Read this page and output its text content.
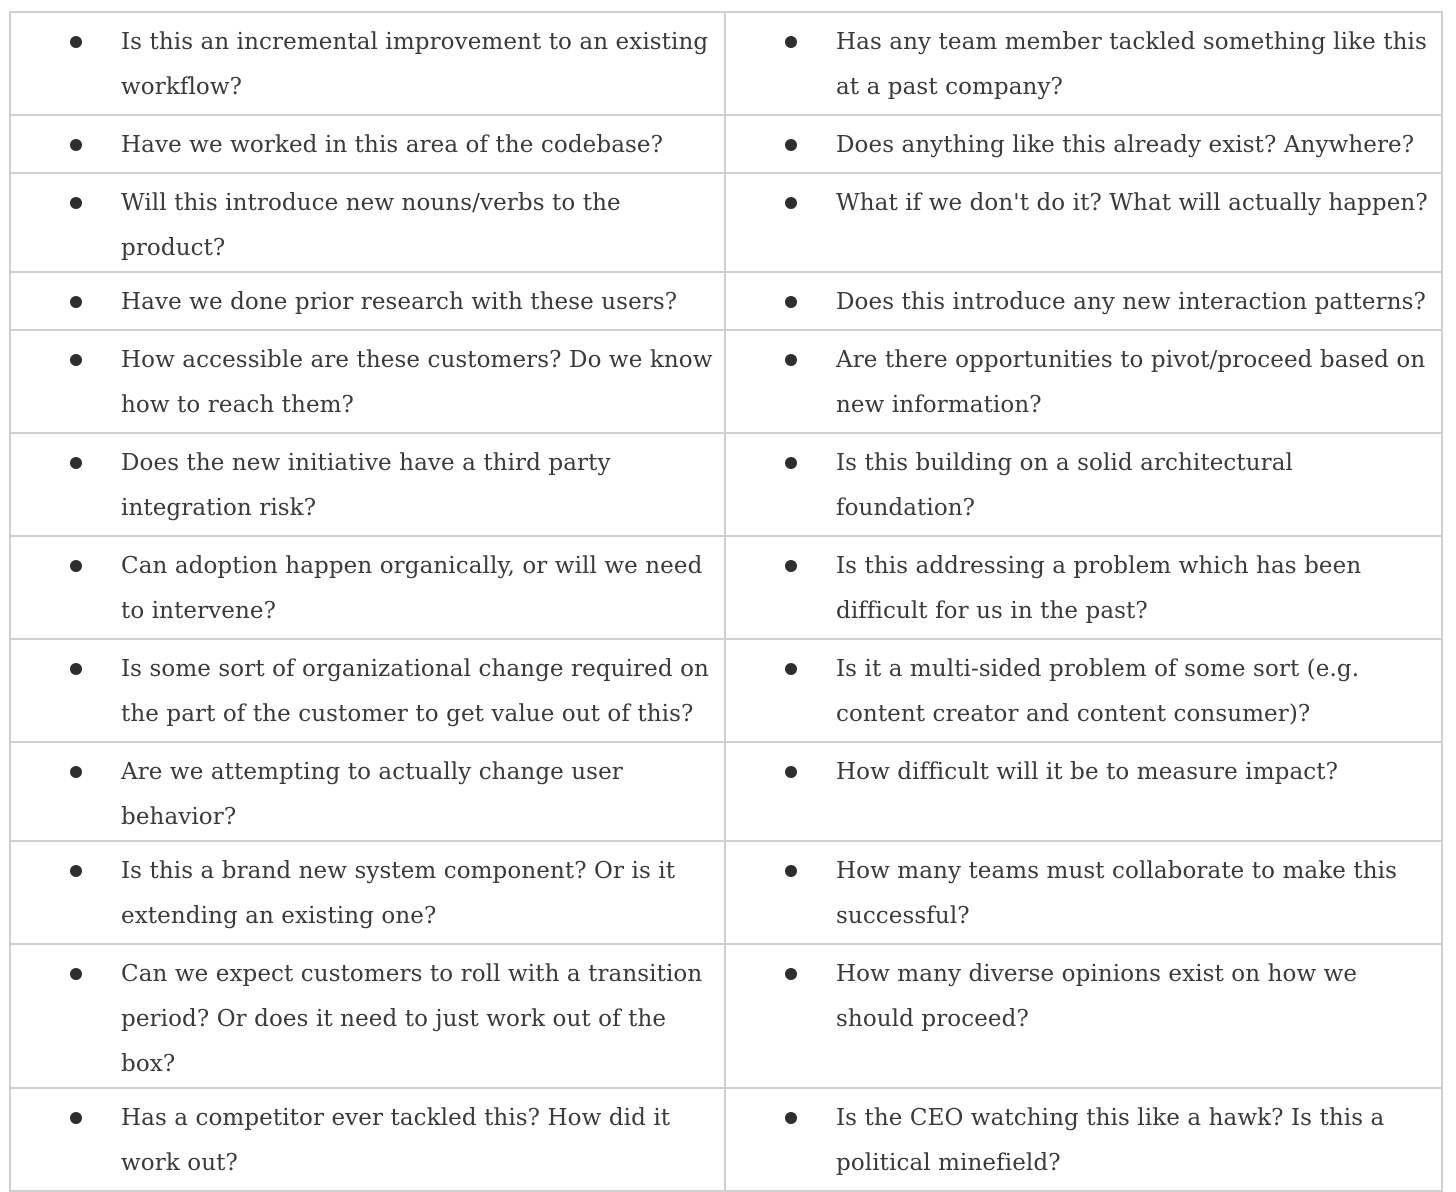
Is this an incremental improvement to an existing workflow?	Has any team member tackled something like this at a past company?

Have we worked in this area of the codebase?	Does anything like this already exist? Anywhere?

Will this introduce new nouns/verbs to the product?	What if we don't do it? What will actually happen?

Have we done prior research with these users?	Does this introduce any new interaction patterns?

How accessible are these customers? Do we know how to reach them?	Are there opportunities to pivot/proceed based on new information?

Does the new initiative have a third party integration risk?	Is this building on a solid architectural foundation?

Can adoption happen organically, or will we need to intervene?	Is this addressing a problem which has been difficult for us in the past?

Is some sort of organizational change required on the part of the customer to get value out of this?	Is it a multi-sided problem of some sort (e.g. content creator and content consumer)?

Are we attempting to actually change user behavior?	How difficult will it be to measure impact?

Is this a brand new system component? Or is it extending an existing one?	How many teams must collaborate to make this successful?

Can we expect customers to roll with a transition period? Or does it need to just work out of the box?	How many diverse opinions exist on how we should proceed?

Has a competitor ever tackled this? How did it work out?	Is the CEO watching this like a hawk? Is this a political minefield?
